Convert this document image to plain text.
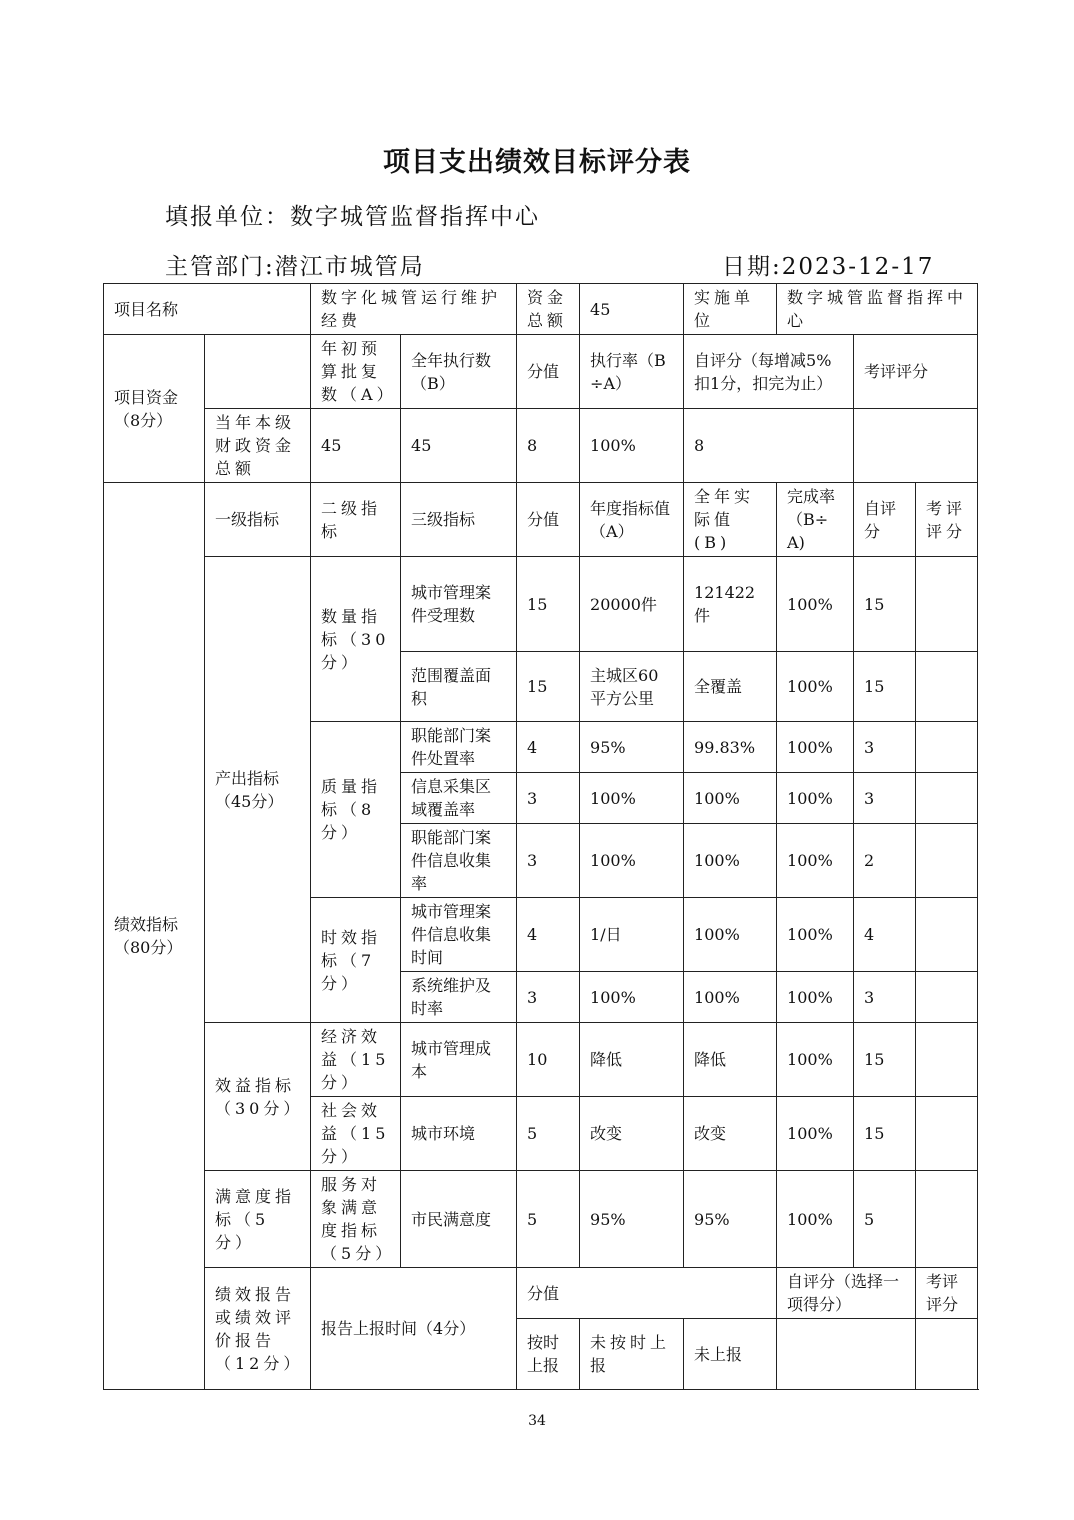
项目支出绩效目标评分表
填报单位：数字城管监督指挥中心
主管部门:潜江市城管局	日期:2023-12-17
项目名称		数字化城管运行维护经费		资金总额	45	实施单位	数字城管监督指挥中心			
项目资金（8分）		年初预算批复数（A）	全年执行数（B）	分值	执行率（B÷A）	自评分（每增减5%扣1分，扣完为止）		考评评分		
	当年本级财政资金总额	45	45	8	100%	8				
绩效指标（80分）	一级指标	二级指标	三级指标	分值	年度指标值（A）	全年实际值(B)	完成率（B÷A)	自评分	考评评分	
	产出指标（45分）	数量指标（30分）	城市管理案件受理数	15	20000件	121422件	100%	15		
			范围覆盖面积	15	主城区60平方公里	全覆盖	100%	15		
		质量指标（8分）	职能部门案件处置率	4	95%	99.83%	100%	3		
			信息采集区域覆盖率	3	100%	100%	100%	3		
			职能部门案件信息收集率	3	100%	100%	100%	2		
		时效指标（7分）	城市管理案件信息收集时间	4	1/日	100%	100%	4		
			系统维护及时率	3	100%	100%	100%	3		
	效益指标（30分）	经济效益（15分）	城市管理成本	10	降低	降低	100%	15		
		社会效益（15分）	城市环境	5	改变	改变	100%	15		
	满意度指标（5分）	服务对象满意度指标（5分）	市民满意度	5	95%	95%	100%	5		
	绩效报告或绩效评价报告（12分）	报告上报时间（4分）		分值			自评分（选择一项得分）		考评评分	
				按时上报	未按时上报	未上报				
34
